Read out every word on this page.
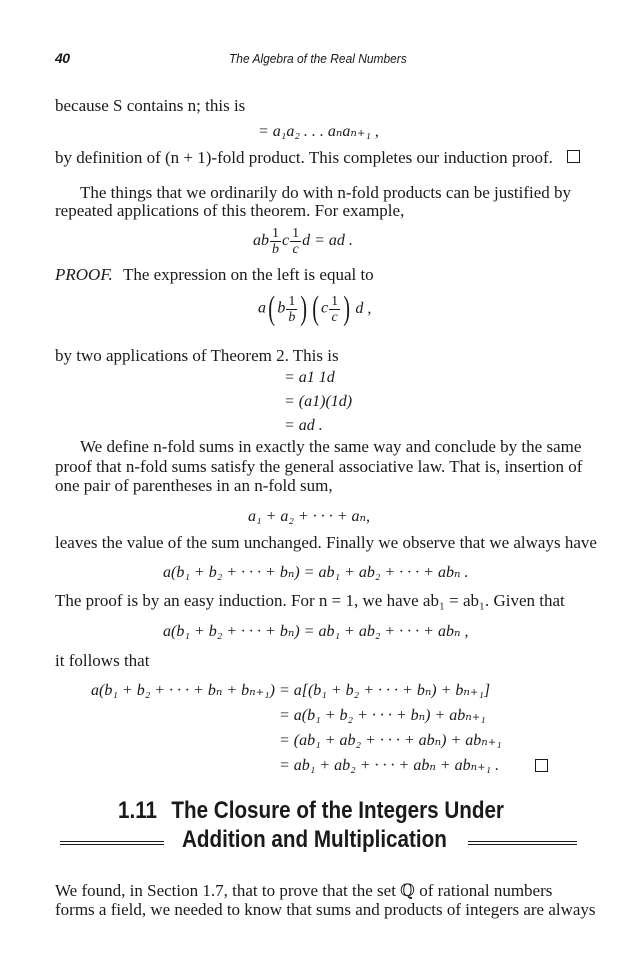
40	The Algebra of the Real Numbers
because S contains n; this is
= a₁a₂ . . . aₙaₙ₊₁ ,
by definition of (n + 1)-fold product. This completes our induction proof.
The things that we ordinarily do with n-fold products can be justified by
repeated applications of this theorem. For example,
ab $\frac{1}{b}$ c $\frac{1}{c}$ d = ad .
PROOF. The expression on the left is equal to
a( b $\frac{1}{b}$ ) ( c $\frac{1}{c}$ ) d ,
by two applications of Theorem 2. This is
= a1 1d
= (a1)(1d)
= ad .
We define n-fold sums in exactly the same way and conclude by the same
proof that n-fold sums satisfy the general associative law. That is, insertion of
one pair of parentheses in an n-fold sum,
a₁ + a₂ + · · · + aₙ,
leaves the value of the sum unchanged. Finally we observe that we always have
a(b₁ + b₂ + · · · + bₙ) = ab₁ + ab₂ + · · · + abₙ .
The proof is by an easy induction. For n = 1, we have ab₁ = ab₁. Given that
a(b₁ + b₂ + · · · + bₙ) = ab₁ + ab₂ + · · · + abₙ ,
it follows that
a(b₁ + b₂ + · · · + bₙ + bₙ₊₁) = a[(b₁ + b₂ + · · · + bₙ) + bₙ₊₁]
= a(b₁ + b₂ + · · · + bₙ) + abₙ₊₁
= (ab₁ + ab₂ + · · · + abₙ) + abₙ₊₁
= ab₁ + ab₂ + · · · + abₙ + abₙ₊₁ .
1.11 The Closure of the Integers Under
Addition and Multiplication
We found, in Section 1.7, that to prove that the set ℚ of rational numbers
forms a field, we needed to know that sums and products of integers are always
